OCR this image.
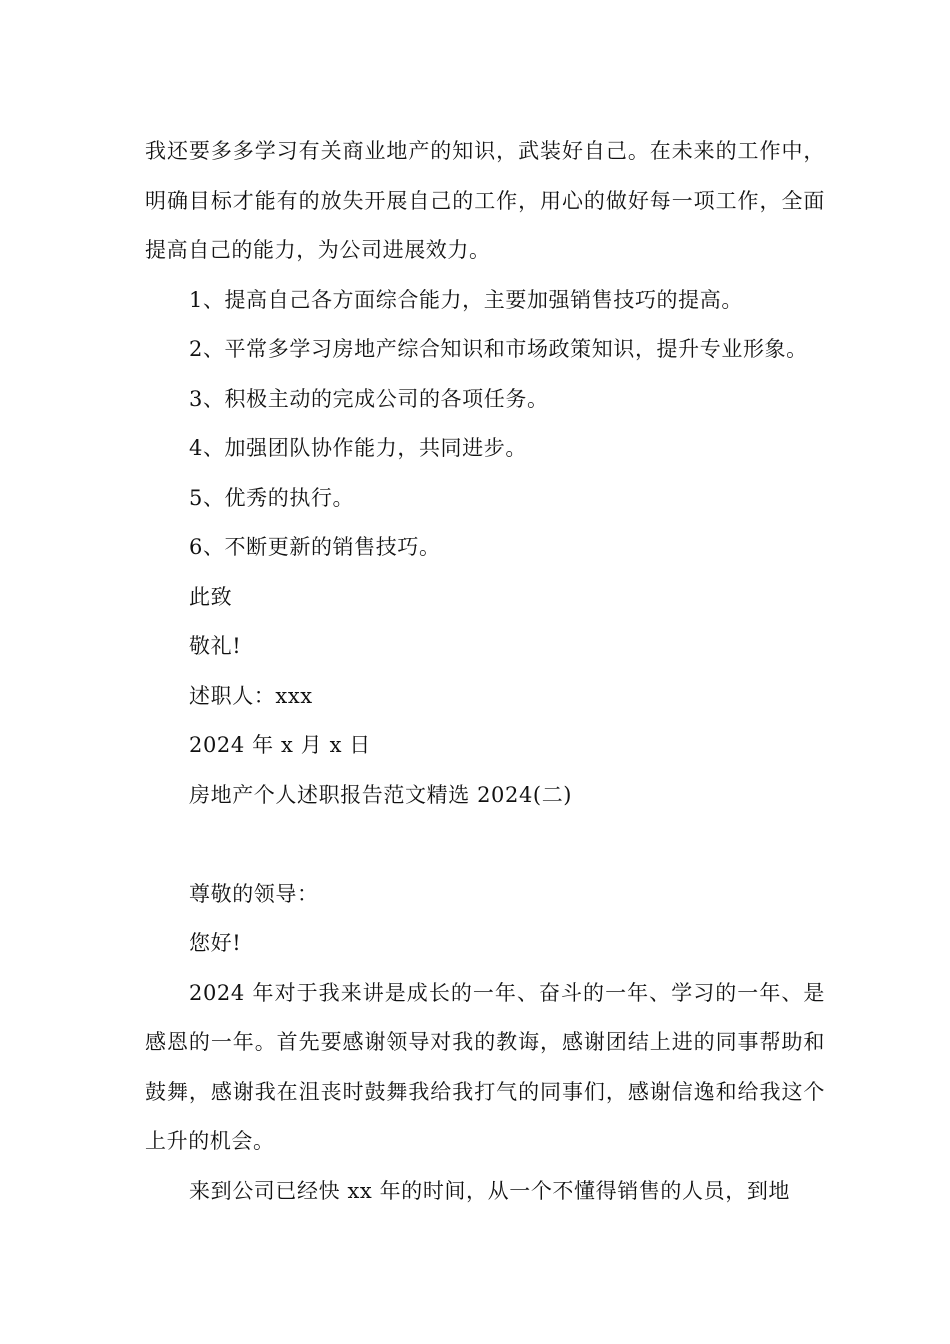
我还要多多学习有关商业地产的知识，武装好自己。在未来的工作中，明确目标才能有的放失开展自己的工作，用心的做好每一项工作，全面提高自己的能力，为公司进展效力。

1、提高自己各方面综合能力，主要加强销售技巧的提高。

2、平常多学习房地产综合知识和市场政策知识，提升专业形象。

3、积极主动的完成公司的各项任务。

4、加强团队协作能力，共同进步。

5、优秀的执行。

6、不断更新的销售技巧。

此致

敬礼!

述职人：xxx

2024 年 x 月 x 日

房地产个人述职报告范文精选 2024(二)

尊敬的领导：

您好!

2024 年对于我来讲是成长的一年、奋斗的一年、学习的一年、是感恩的一年。首先要感谢领导对我的教诲，感谢团结上进的同事帮助和鼓舞，感谢我在沮丧时鼓舞我给我打气的同事们，感谢信逸和给我这个上升的机会。

来到公司已经快 xx 年的时间，从一个不懂得销售的人员，到地
